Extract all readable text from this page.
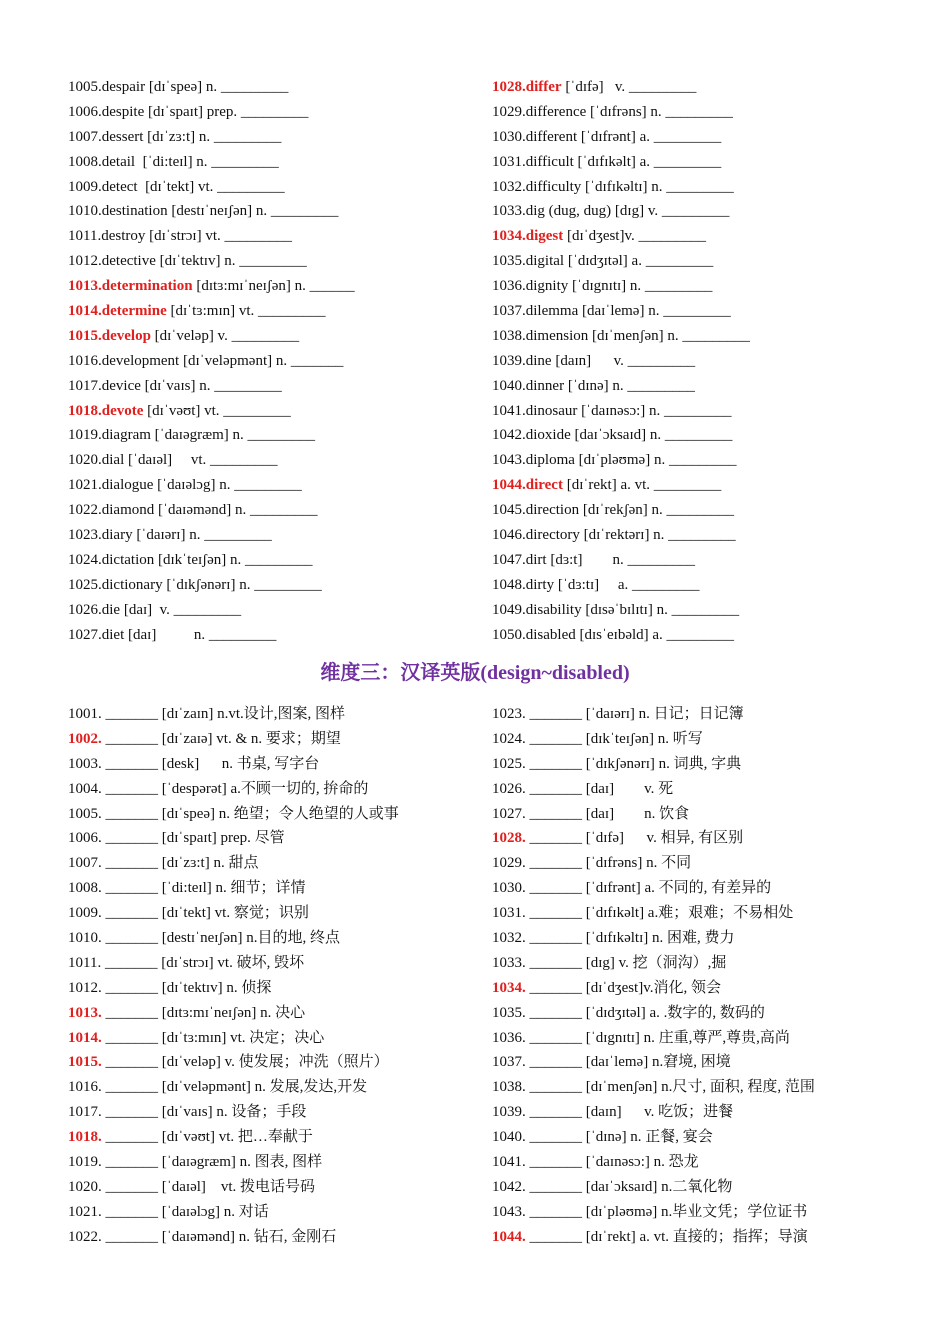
1005.despair [dɪˈspeə] n. _________
1006.despite [dɪˈspaɪt] prep. _________
1007.dessert [dɪˈzɜ:t] n. _________
1008.detail  [ˈdi:teɪl] n. _________
1009.detect  [dɪˈtekt] vt. _________
1010.destination [destɪˈneɪʃən] n. _________
1011.destroy [dɪˈstrɔɪ] vt. _________
1012.detective [dɪˈtektɪv] n. _________
1013.determination [dɪtɜ:mɪˈneɪʃən] n. ______
1014.determine [dɪˈtɜ:mɪn] vt. _________
1015.develop [dɪˈveləp] v. _________
1016.development [dɪˈveləpmənt] n. _______
1017.device [dɪˈvaɪs] n. _________
1018.devote [dɪˈvəʊt] vt. _________
1019.diagram [ˈdaɪəgræm] n. _________
1020.dial [ˈdaɪəl]     vt. _________
1021.dialogue [ˈdaɪəlɔg] n. _________
1022.diamond [ˈdaɪəmənd] n. _________
1023.diary [ˈdaɪərɪ] n. _________
1024.dictation [dɪkˈteɪʃən] n. _________
1025.dictionary [ˈdɪkʃənərɪ] n. _________
1026.die [daɪ]  v. _________
1027.diet [daɪ]          n. _________
1028.differ [ˈdɪfə]   v. _________
1029.difference [ˈdɪfrəns] n. _________
1030.different [ˈdɪfrənt] a. _________
1031.difficult [ˈdɪfɪkəlt] a. _________
1032.difficulty [ˈdɪfɪkəltɪ] n. _________
1033.dig (dug, dug) [dɪg] v. _________
1034.digest [dɪˈdʒest]v. _________
1035.digital [ˈdɪdʒɪtəl] a. _________
1036.dignity [ˈdɪgnɪtɪ] n. _________
1037.dilemma [daɪˈlemə] n. _________
1038.dimension [dɪˈmenʃən] n. _________
1039.dine [daɪn]      v. _________
1040.dinner [ˈdɪnə] n. _________
1041.dinosaur [ˈdaɪnəsɔ:] n. _________
1042.dioxide [daɪˈɔksaɪd] n. _________
1043.diploma [dɪˈpləʊmə] n. _________
1044.direct [dɪˈrekt] a. vt. _________
1045.direction [dɪˈrekʃən] n. _________
1046.directory [dɪˈrektərɪ] n. _________
1047.dirt [dɜ:t]        n. _________
1048.dirty [ˈdɜ:tɪ]     a. _________
1049.disability [dɪsəˈbɪlɪtɪ] n. _________
1050.disabled [dɪsˈeɪbəld] a. _________
维度三：汉译英版(design~disabled)
1001. _______ [dɪˈzaɪn] n.vt.设计,图案, 图样
1002. _______ [dɪˈzaɪə] vt. & n. 要求；期望
1003. _______ [desk]      n. 书桌, 写字台
1004. _______ [ˈdespərət] a.不顾一切的, 拚命的
1005. _______ [dɪˈspeə] n. 绝望；令人绝望的人或事
1006. _______ [dɪˈspaɪt] prep. 尽管
1007. _______ [dɪˈzɜ:t] n. 甜点
1008. _______ [ˈdi:teɪl] n. 细节；详情
1009. _______ [dɪˈtekt] vt. 察觉；识别
1010. _______ [destɪˈneɪʃən] n.目的地, 终点
1011. _______ [dɪˈstrɔɪ] vt. 破坏, 毁坏
1012. _______ [dɪˈtektɪv] n. 侦探
1013. _______ [dɪtɜ:mɪˈneɪʃən] n. 决心
1014. _______ [dɪˈtɜ:mɪn] vt. 决定；决心
1015. _______ [dɪˈveləp] v. 使发展；冲洗（照片）
1016. _______ [dɪˈveləpmənt] n. 发展,发达,开发
1017. _______ [dɪˈvaɪs] n. 设备；手段
1018. _______ [dɪˈvəʊt] vt. 把…奉献于
1019. _______ [ˈdaɪəgræm] n. 图表, 图样
1020. _______ [ˈdaɪəl]    vt. 拨电话号码
1021. _______ [ˈdaɪəlɔg] n. 对话
1022. _______ [ˈdaɪəmənd] n. 钻石, 金刚石
1023. _______ [ˈdaɪərɪ] n. 日记；日记簿
1024. _______ [dɪkˈteɪʃən] n. 听写
1025. _______ [ˈdɪkʃənərɪ] n. 词典, 字典
1026. _______ [daɪ]        v. 死
1027. _______ [daɪ]        n. 饮食
1028. _______ [ˈdɪfə]      v. 相异, 有区别
1029. _______ [ˈdɪfrəns] n. 不同
1030. _______ [ˈdɪfrənt] a. 不同的, 有差异的
1031. _______ [ˈdɪfɪkəlt] a.难；艰难；不易相处
1032. _______ [ˈdɪfɪkəltɪ] n. 困难, 费力
1033. _______ [dɪg] v. 挖（洞沟）,掘
1034. _______ [dɪˈdʒest]v.消化, 领会
1035. _______ [ˈdɪdʒɪtəl] a. .数字的, 数码的
1036. _______ [ˈdɪgnɪtɪ] n. 庄重,尊严,尊贵,高尚
1037. _______ [daɪˈlemə] n.窘境, 困境
1038. _______ [dɪˈmenʃən] n.尺寸, 面积, 程度, 范围
1039. _______ [daɪn]      v. 吃饭；进餐
1040. _______ [ˈdɪnə] n. 正餐, 宴会
1041. _______ [ˈdaɪnəsɔ:] n. 恐龙
1042. _______ [daɪˈɔksaɪd] n.二氧化物
1043. _______ [dɪˈpləʊmə] n.毕业文凭；学位证书
1044. _______ [dɪˈrekt] a. vt. 直接的；指挥；导演
